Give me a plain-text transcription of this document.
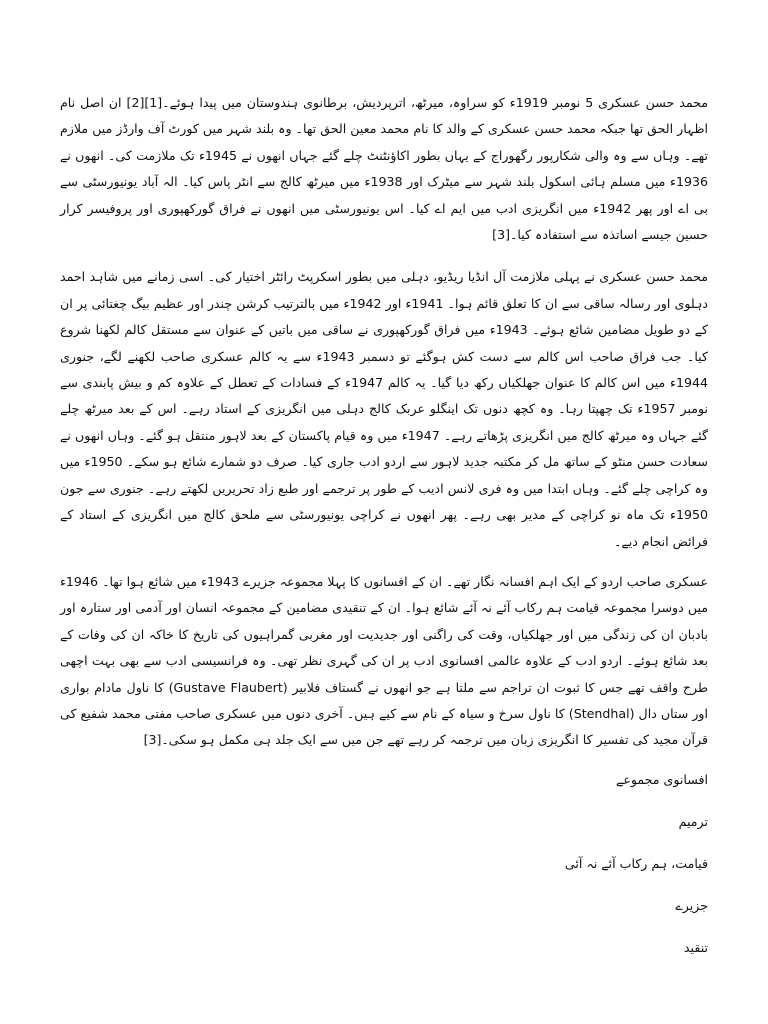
محمد حسن عسکری 5 نومبر 1919ء کو سراوہ، میرٹھ، اترپردیش، برطانوی ہندوستان میں پیدا ہوئے۔[1][2] ان اصل نام اظہار الحق تھا جبکہ محمد حسن عسکری کے والد کا نام محمد معین الحق تھا۔ وہ بلند شہر میں کورٹ آف وارڈز میں ملازم تھے۔ وہاں سے وہ والی شکارپور رگھوراج کے یہاں بطور اکاؤنٹنٹ چلے گئے جہاں انھوں نے 1945ء تک ملازمت کی۔ انھوں نے 1936ء میں مسلم ہائی اسکول بلند شہر سے میٹرک اور 1938ء میں میرٹھ کالج سے انٹر پاس کیا۔ الہ آباد یونیورسٹی سے بی اے اور پھر 1942ء میں انگریزی ادب میں ایم اے کیا۔ اس یونیورسٹی میں انھوں نے فراق گورکھپوری اور پروفیسر کرار حسین جیسے اساتذہ سے استفادہ کیا۔[3]

محمد حسن عسکری نے پہلی ملازمت آل انڈیا ریڈیو، دہلی میں بطور اسکرپٹ رائٹر اختیار کی۔ اسی زمانے میں شاہد احمد دہلوی اور رسالہ ساقی سے ان کا تعلق قائم ہوا۔ 1941ء اور 1942ء میں بالترتیب کرشن چندر اور عظیم بیگ چغتائی پر ان کے دو طویل مضامین شائع ہوئے۔ 1943ء میں فراق گورکھپوری نے ساقی میں باتیں کے عنوان سے مستقل کالم لکھنا شروع کیا۔ جب فراق صاحب اس کالم سے دست کش ہوگئے تو دسمبر 1943ء سے یہ کالم عسکری صاحب لکھنے لگے، جنوری 1944ء میں اس کالم کا عنوان جھلکیاں رکھ دیا گیا۔ یہ کالم 1947ء کے فسادات کے تعطل کے علاوہ کم و بیش پابندی سے نومبر 1957ء تک چھپتا رہا۔ وہ کچھ دنوں تک اینگلو عربک کالج دہلی میں انگریزی کے استاد رہے۔ اس کے بعد میرٹھ چلے گئے جہاں وہ میرٹھ کالج میں انگریزی پڑھاتے رہے۔ 1947ء میں وہ قیام پاکستان کے بعد لاہور منتقل ہو گئے۔ وہاں انھوں نے سعادت حسن منٹو کے ساتھ مل کر مکتبہ جدید لاہور سے اردو ادب جاری کیا۔ صرف دو شمارے شائع ہو سکے۔ 1950ء میں وہ کراچی چلے گئے۔ وہاں ابتدا میں وہ فری لانس ادیب کے طور پر ترجمے اور طبع زاد تحریریں لکھتے رہے۔ جنوری سے جون 1950ء تک ماہ نو کراچی کے مدیر بھی رہے۔ پھر انھوں نے کراچی یونیورسٹی سے ملحق کالج میں انگریزی کے استاد کے فرائض انجام دیے۔

عسکری صاحب اردو کے ایک اہم افسانہ نگار تھے۔ ان کے افسانوں کا پہلا مجموعہ جزیرے 1943ء میں شائع ہوا تھا۔ 1946ء میں دوسرا مجموعہ قیامت ہم رکاب آئے نہ آئے شائع ہوا۔ ان کے تنقیدی مضامین کے مجموعہ انسان اور آدمی اور ستارہ اور بادبان ان کی زندگی میں اور جھلکیاں، وقت کی راگنی اور جدیدیت اور مغربی گمراہیوں کی تاریخ کا خاکہ ان کی وفات کے بعد شائع ہوئے۔ اردو ادب کے علاوہ عالمی افسانوی ادب پر ان کی گہری نظر تھی۔ وہ فرانسیسی ادب سے بھی بہت اچھی طرح واقف تھے جس کا ثبوت ان تراجم سے ملتا ہے جو انھوں نے گستاف فلابیر (Gustave Flaubert) کا ناول مادام بواری اور ستاں دال (Stendhal) کا ناول سرخ و سیاہ کے نام سے کیے ہیں۔ آخری دنوں میں عسکری صاحب مفتی محمد شفیع کی قرآن مجید کی تفسیر کا انگریزی زبان میں ترجمہ کر رہے تھے جن میں سے ایک جلد ہی مکمل ہو سکی۔[3]

افسانوی مجموعے
ترمیم
قیامت، ہم رکاب آئے نہ آئی
جزیرے
تنقید
